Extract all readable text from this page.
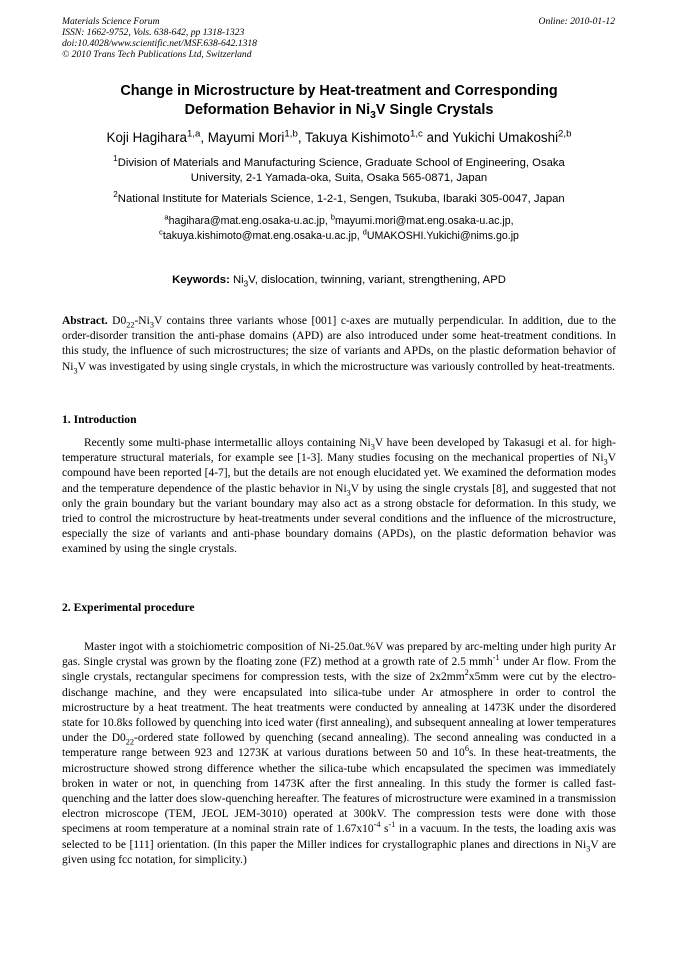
Materials Science Forum
ISSN: 1662-9752, Vols. 638-642, pp 1318-1323
doi:10.4028/www.scientific.net/MSF.638-642.1318
© 2010 Trans Tech Publications Ltd, Switzerland
Online: 2010-01-12
Change in Microstructure by Heat-treatment and Corresponding
Deformation Behavior in $Ni_3V$ Single Crystals
Koji Hagihara$^{1,a}$, Mayumi Mori$^{1,b}$, Takuya Kishimoto$^{1,c}$ and Yukichi Umakoshi$^{2,b}$
$^1$Division of Materials and Manufacturing Science, Graduate School of Engineering, Osaka
University, 2-1 Yamada-oka, Suita, Osaka 565-0871, Japan
$^2$National Institute for Materials Science, 1-2-1, Sengen, Tsukuba, Ibaraki 305-0047, Japan
$^a$hagihara@mat.eng.osaka-u.ac.jp, $^b$mayumi.mori@mat.eng.osaka-u.ac.jp,
$^c$takuya.kishimoto@mat.eng.osaka-u.ac.jp, $^d$UMAKOSHI.Yukichi@nims.go.jp
Keywords: $Ni_3V$, dislocation, twinning, variant, strengthening, APD
Abstract. $D0_{22}-Ni_3V$ contains three variants whose [001] c-axes are mutually perpendicular. In addition, due to the order-disorder transition the anti-phase domains (APD) are also introduced under some heat-treatment conditions. In this study, the influence of such microstructures; the size of variants and APDs, on the plastic deformation behavior of $Ni_3V$ was investigated by using single crystals, in which the microstructure was variously controlled by heat-treatments.
1. Introduction
Recently some multi-phase intermetallic alloys containing $Ni_3V$ have been developed by Takasugi et al. for high-temperature structural materials, for example see [1-3]. Many studies focusing on the mechanical properties of $Ni_3V$ compound have been reported [4-7], but the details are not enough elucidated yet. We examined the deformation modes and the temperature dependence of the plastic behavior in $Ni_3V$ by using the single crystals [8], and suggested that not only the grain boundary but the variant boundary may also act as a strong obstacle for deformation. In this study, we tried to control the microstructure by heat-treatments under several conditions and the influence of the microstructure, especially the size of variants and anti-phase boundary domains (APDs), on the plastic deformation behavior was examined by using the single crystals.
2. Experimental procedure
Master ingot with a stoichiometric composition of Ni-25.0at.%V was prepared by arc-melting under high purity Ar gas. Single crystal was grown by the floating zone (FZ) method at a growth rate of 2.5 mmh$^{-1}$ under Ar flow. From the single crystals, rectangular specimens for compression tests, with the size of $2x2mm^2x5mm$ were cut by the electro-dischange machine, and they were encapsulated into silica-tube under Ar atmosphere in order to control the microstructure by a heat treatment. The heat treatments were conducted by annealing at 1473K under the disordered state for 10.8ks followed by quenching into iced water (first annealing), and subsequent annealing at lower temperatures under the $D0_{22}$-ordered state followed by quenching (secand annealing). The second annealing was conducted in a temperature range between 923 and 1273K at various durations between 50 and $10^6s$. In these heat-treatments, the microstructure showed strong difference whether the silica-tube which encapsulated the specimen was immediately broken in water or not, in quenching from 1473K after the first annealing. In this study the former is called fast-quenching and the latter does slow-quenching hereafter. The features of microstructure were examined in a transmission electron microscope (TEM, JEOL JEM-3010) operated at 300kV. The compression tests were done with those specimens at room temperature at a nominal strain rate of $1.67x10^{-4}$ $s^{-1}$ in a vacuum. In the tests, the loading axis was selected to be [111] orientation. (In this paper the Miller indices for crystallographic planes and directions in $Ni_3V$ are given using fcc notation, for simplicity.)
